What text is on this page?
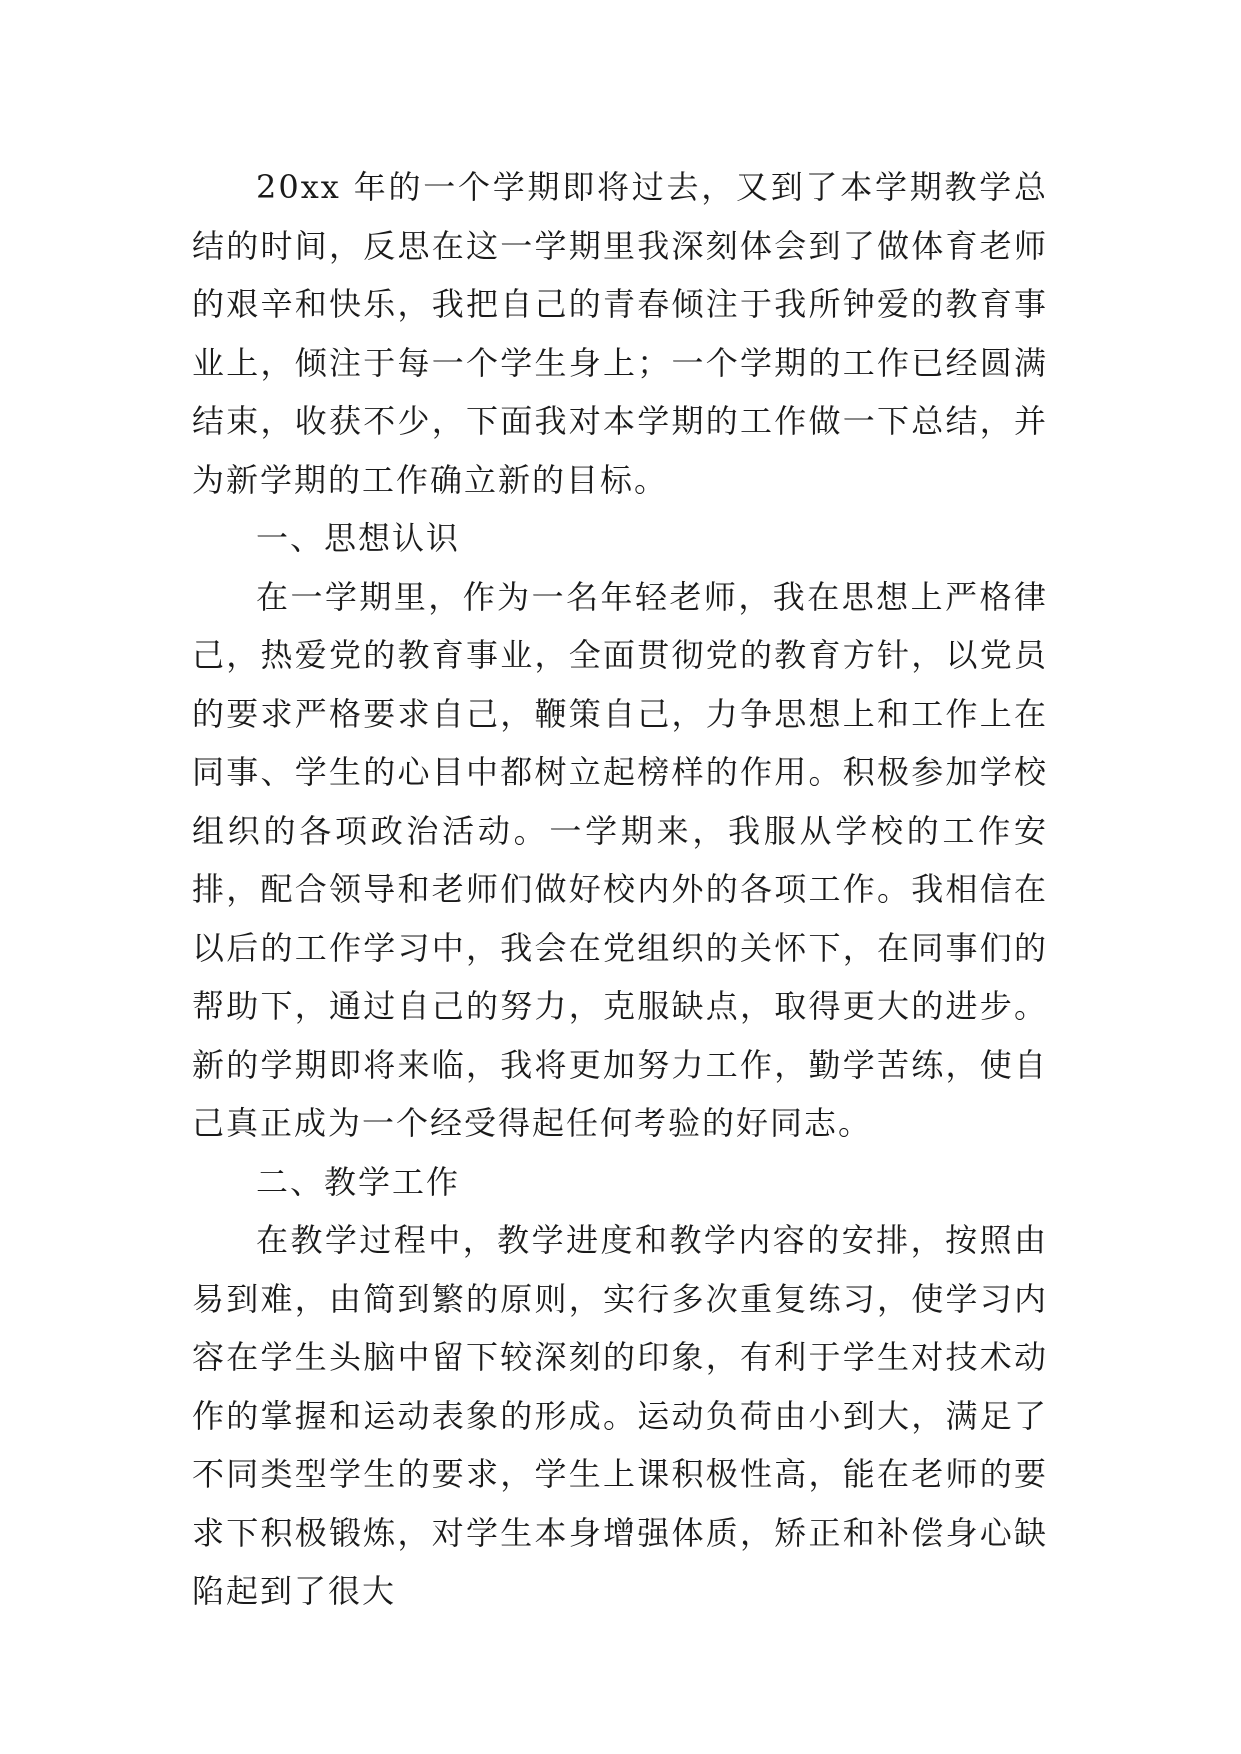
20xx 年的一个学期即将过去，又到了本学期教学总结的时间，反思在这一学期里我深刻体会到了做体育老师的艰辛和快乐，我把自己的青春倾注于我所钟爱的教育事业上，倾注于每一个学生身上；一个学期的工作已经圆满结束，收获不少，下面我对本学期的工作做一下总结，并为新学期的工作确立新的目标。

一、思想认识

在一学期里，作为一名年轻老师，我在思想上严格律己，热爱党的教育事业，全面贯彻党的教育方针，以党员的要求严格要求自己，鞭策自己，力争思想上和工作上在同事、学生的心目中都树立起榜样的作用。积极参加学校组织的各项政治活动。一学期来，我服从学校的工作安排，配合领导和老师们做好校内外的各项工作。我相信在以后的工作学习中，我会在党组织的关怀下，在同事们的帮助下，通过自己的努力，克服缺点，取得更大的进步。新的学期即将来临，我将更加努力工作，勤学苦练，使自己真正成为一个经受得起任何考验的好同志。

二、教学工作

在教学过程中，教学进度和教学内容的安排，按照由易到难，由简到繁的原则，实行多次重复练习，使学习内容在学生头脑中留下较深刻的印象，有利于学生对技术动作的掌握和运动表象的形成。运动负荷由小到大，满足了不同类型学生的要求，学生上课积极性高，能在老师的要求下积极锻炼，对学生本身增强体质，矫正和补偿身心缺陷起到了很大
